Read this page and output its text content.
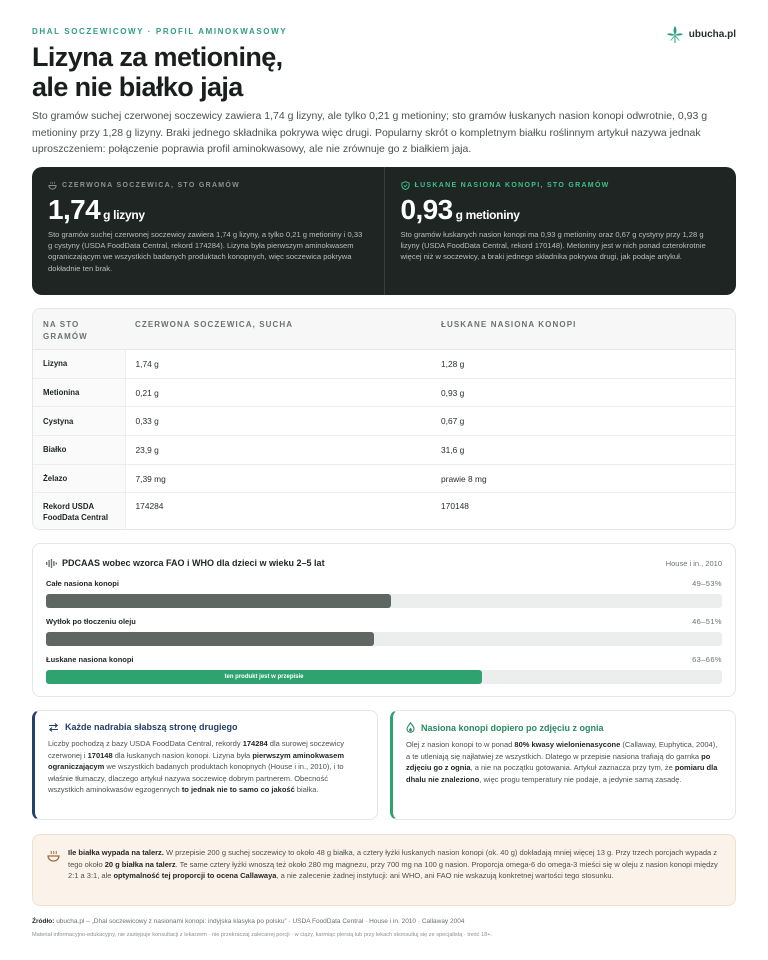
DHAL SOCZEWICOWY · PROFIL AMINOKWASOWY
Lizyna za metioninę,
ale nie białko jaja
ubucha.pl

Sto gramów suchej czerwonej soczewicy zawiera 1,74 g lizyny, ale tylko 0,21 g metioniny; sto gramów łuskanych nasion konopi odwrotnie, 0,93 g metioniny przy 1,28 g lizyny. Braki jednego składnika pokrywa więc drugi. Popularny skrót o kompletnym białku roślinnym artykuł nazywa jednak uproszczeniem: połączenie poprawia profil aminokwasowy, ale nie zrównuje go z białkiem jaja.

CZERWONA SOCZEWICA, STO GRAMÓW
1,74 g lizyny
Sto gramów suchej czerwonej soczewicy zawiera 1,74 g lizyny, a tylko 0,21 g metioniny i 0,33 g cystyny (USDA FoodData Central, rekord 174284). Lizyna była pierwszym aminokwasem ograniczającym we wszystkich badanych produktach konopnych, więc soczewica pokrywa dokładnie ten brak.
ŁUSKANE NASIONA KONOPI, STO GRAMÓW
0,93 g metioniny
Sto gramów łuskanych nasion konopi ma 0,93 g metioniny oraz 0,67 g cystyny przy 1,28 g lizyny (USDA FoodData Central, rekord 170148). Metioniny jest w nich ponad czterokrotnie więcej niż w soczewicy, a braki jednego składnika pokrywa drugi, jak podaje artykuł.
NA STO GRAMÓW	CZERWONA SOCZEWICA, SUCHA	ŁUSKANE NASIONA KONOPI
Lizyna	1,74 g	1,28 g
Metionina	0,21 g	0,93 g
Cystyna	0,33 g	0,67 g
Białko	23,9 g	31,6 g
Żelazo	7,39 mg	prawie 8 mg
Rekord USDA FoodData Central	174284	170148
PDCAAS wobec wzorca FAO i WHO dla dzieci w wieku 2–5 lat	House i in., 2010
Całe nasiona konopi	49–53%
Wytłok po tłoczeniu oleju	46–51%
Łuskane nasiona konopi	63–66%
ten produkt jest w przepisie
Każde nadrabia słabszą stronę drugiego

Liczby pochodzą z bazy USDA FoodData Central, rekordy 174284 dla surowej soczewicy czerwonej i 170148 dla łuskanych nasion konopi. Lizyna była pierwszym aminokwasem ograniczającym we wszystkich badanych produktach konopnych (House i in., 2010), i to właśnie tłumaczy, dlaczego artykuł nazywa soczewicę dobrym partnerem. Obecność wszystkich aminokwasów egzogennych to jednak nie to samo co jakość białka.

Nasiona konopi dopiero po zdjęciu z ognia

Olej z nasion konopi to w ponad 80% kwasy wielonienasycone (Callaway, Euphytica, 2004), a te utleniają się najłatwiej ze wszystkich. Dlatego w przepisie nasiona trafiają do garnka po zdjęciu go z ognia, a nie na początku gotowania. Artykuł zaznacza przy tym, że pomiaru dla dhalu nie znaleziono, więc progu temperatury nie podaje, a jedynie samą zasadę.

Ile białka wypada na talerz. W przepisie 200 g suchej soczewicy to około 48 g białka, a cztery łyżki łuskanych nasion konopi (ok. 40 g) dokładają mniej więcej 13 g. Przy trzech porcjach wypada z tego około 20 g białka na talerz. Te same cztery łyżki wnoszą też około 280 mg magnezu, przy 700 mg na 100 g nasion. Proporcja omega-6 do omega-3 mieści się w oleju z nasion konopi między 2:1 a 3:1, ale optymalność tej proporcji to ocena Callawaya, a nie zalecenie żadnej instytucji: ani WHO, ani FAO nie wskazują konkretnej wartości tego stosunku.

Źródło: ubucha.pl – „Dhal soczewicowy z nasionami konopi: indyjska klasyka po polsku” · USDA FoodData Central · House i in. 2010 · Callaway 2004

Materiał informacyjno-edukacyjny, nie zastępuje konsultacji z lekarzem · nie przekraczaj zalecanej porcji · w ciąży, karmiąc piersią lub przy lekach skonsultuj się ze specjalistą · treść 18+.
